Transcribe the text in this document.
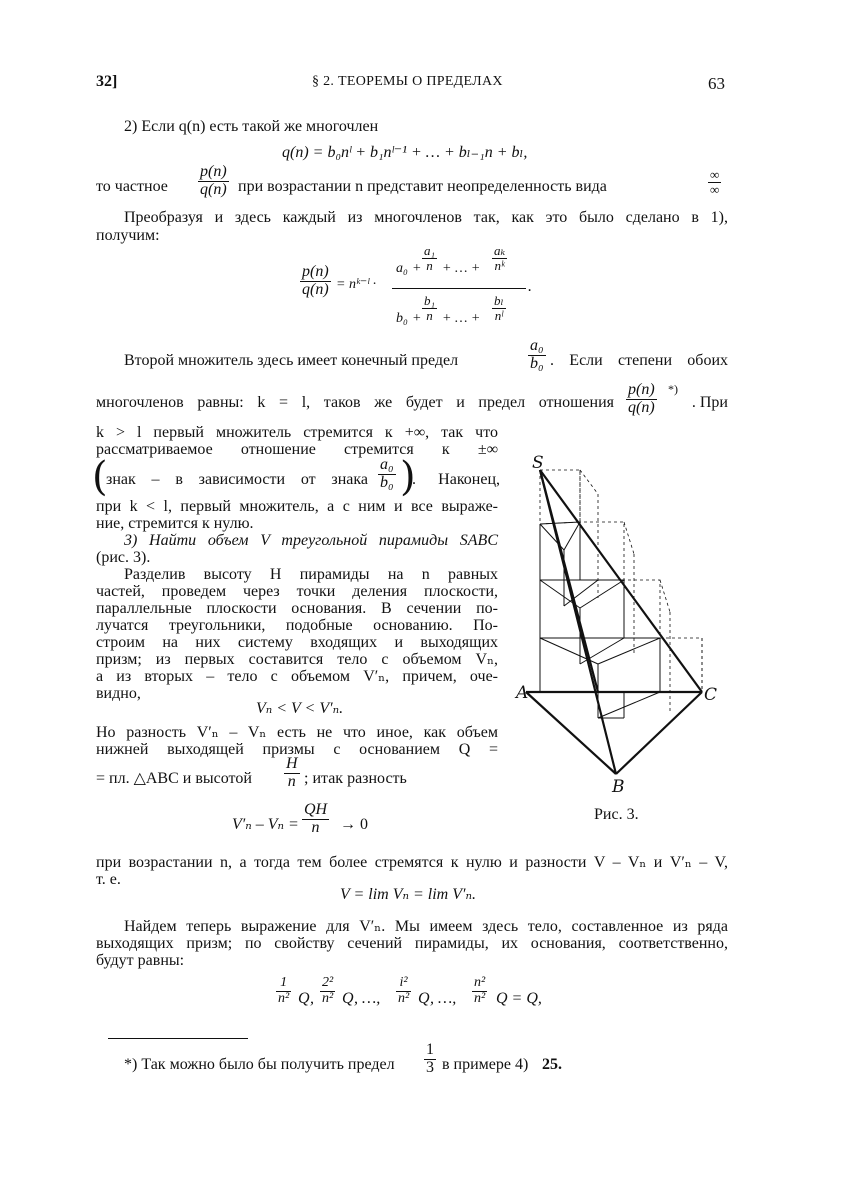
32]	§ 2. ТЕОРЕМЫ О ПРЕДЕЛАХ	63
2) Если q(n) есть такой же многочлен
q(n) = b₀nˡ + b₁nˡ⁻¹ + … + bₗ₋₁n + bₗ,
то частное $\frac{p(n)}{q(n)}$ при возрастании n представит неопределенность вида
∞
∞
Преобразуя и здесь каждый из многочленов так, как это было сделано в 1),
получим:
$\frac{p(n)}{q(n)}$ = nᵏ⁻ˡ ·
$a_0 + \frac{\text{a₁}}{n}$ + … + $\frac{\text{aₖ}}{\text{nᵏ}}$
$b_0 + \frac{\text{b₁}}{n}$ + … + $\frac{\text{bₗ}}{\text{nˡ}}$
.
Второй множитель здесь имеет конечный предел	$\frac{\text{a₀}}{\text{b₀}}$ . Если степени обоих
многочленов равны: k = l, таков же будет и предел отношения $\frac{p(n)}{q(n)}$ *)
. При
k > l первый множитель стремится к +∞, так что
рассматриваемое отношение стремится к ±∞
(
знак – в зависимости от знака $\frac{\text{a₀}}{\text{b₀}}$ )
. Наконец,
при k < l, первый множитель, а с ним и все выраже-
ние, стремится к нулю.
3) Найти объем V треугольной пирамиды SABC
(рис. 3).
Разделив высоту H пирамиды на n равных
частей, проведем через точки деления плоскости,
параллельные плоскости основания. В сечении по-
лучатся треугольники, подобные основанию. По-
строим на них систему входящих и выходящих
призм; из первых составится тело с объемом Vₙ,
а из вторых – тело с объемом V′ₙ, причем, оче-
видно,
Vₙ < V < V′ₙ.
Но разность V′ₙ – Vₙ есть не что иное, как объем
нижней выходящей призмы с основанием Q =
= пл. △ABC и высотой $\frac{H}{n}$ ; итак разность
$V'_n - V_n = \frac{QH}{n} \to 0$
S
A	C
B
Рис. 3.
при возрастании n, а тогда тем более стремятся к нулю и разности V – Vₙ и V′ₙ – V,
т. е.
V = lim Vₙ = lim V′ₙ.
Найдем теперь выражение для V′ₙ. Мы имеем здесь тело, составленное из ряда
выходящих призм; по свойству сечений пирамиды, их основания, соответственно,
будут равны:
$\frac{1}{\text{n²}}$ Q , $\frac{\text{2²}}{\text{n²}}$ Q , …, $\frac{\text{i²}}{\text{n²}}$ Q , …, $\frac{\text{n²}}{\text{n²}}$ Q = Q,
*) Так можно было бы получить предел $\frac{1}{3}$ в примере 4) 25.
